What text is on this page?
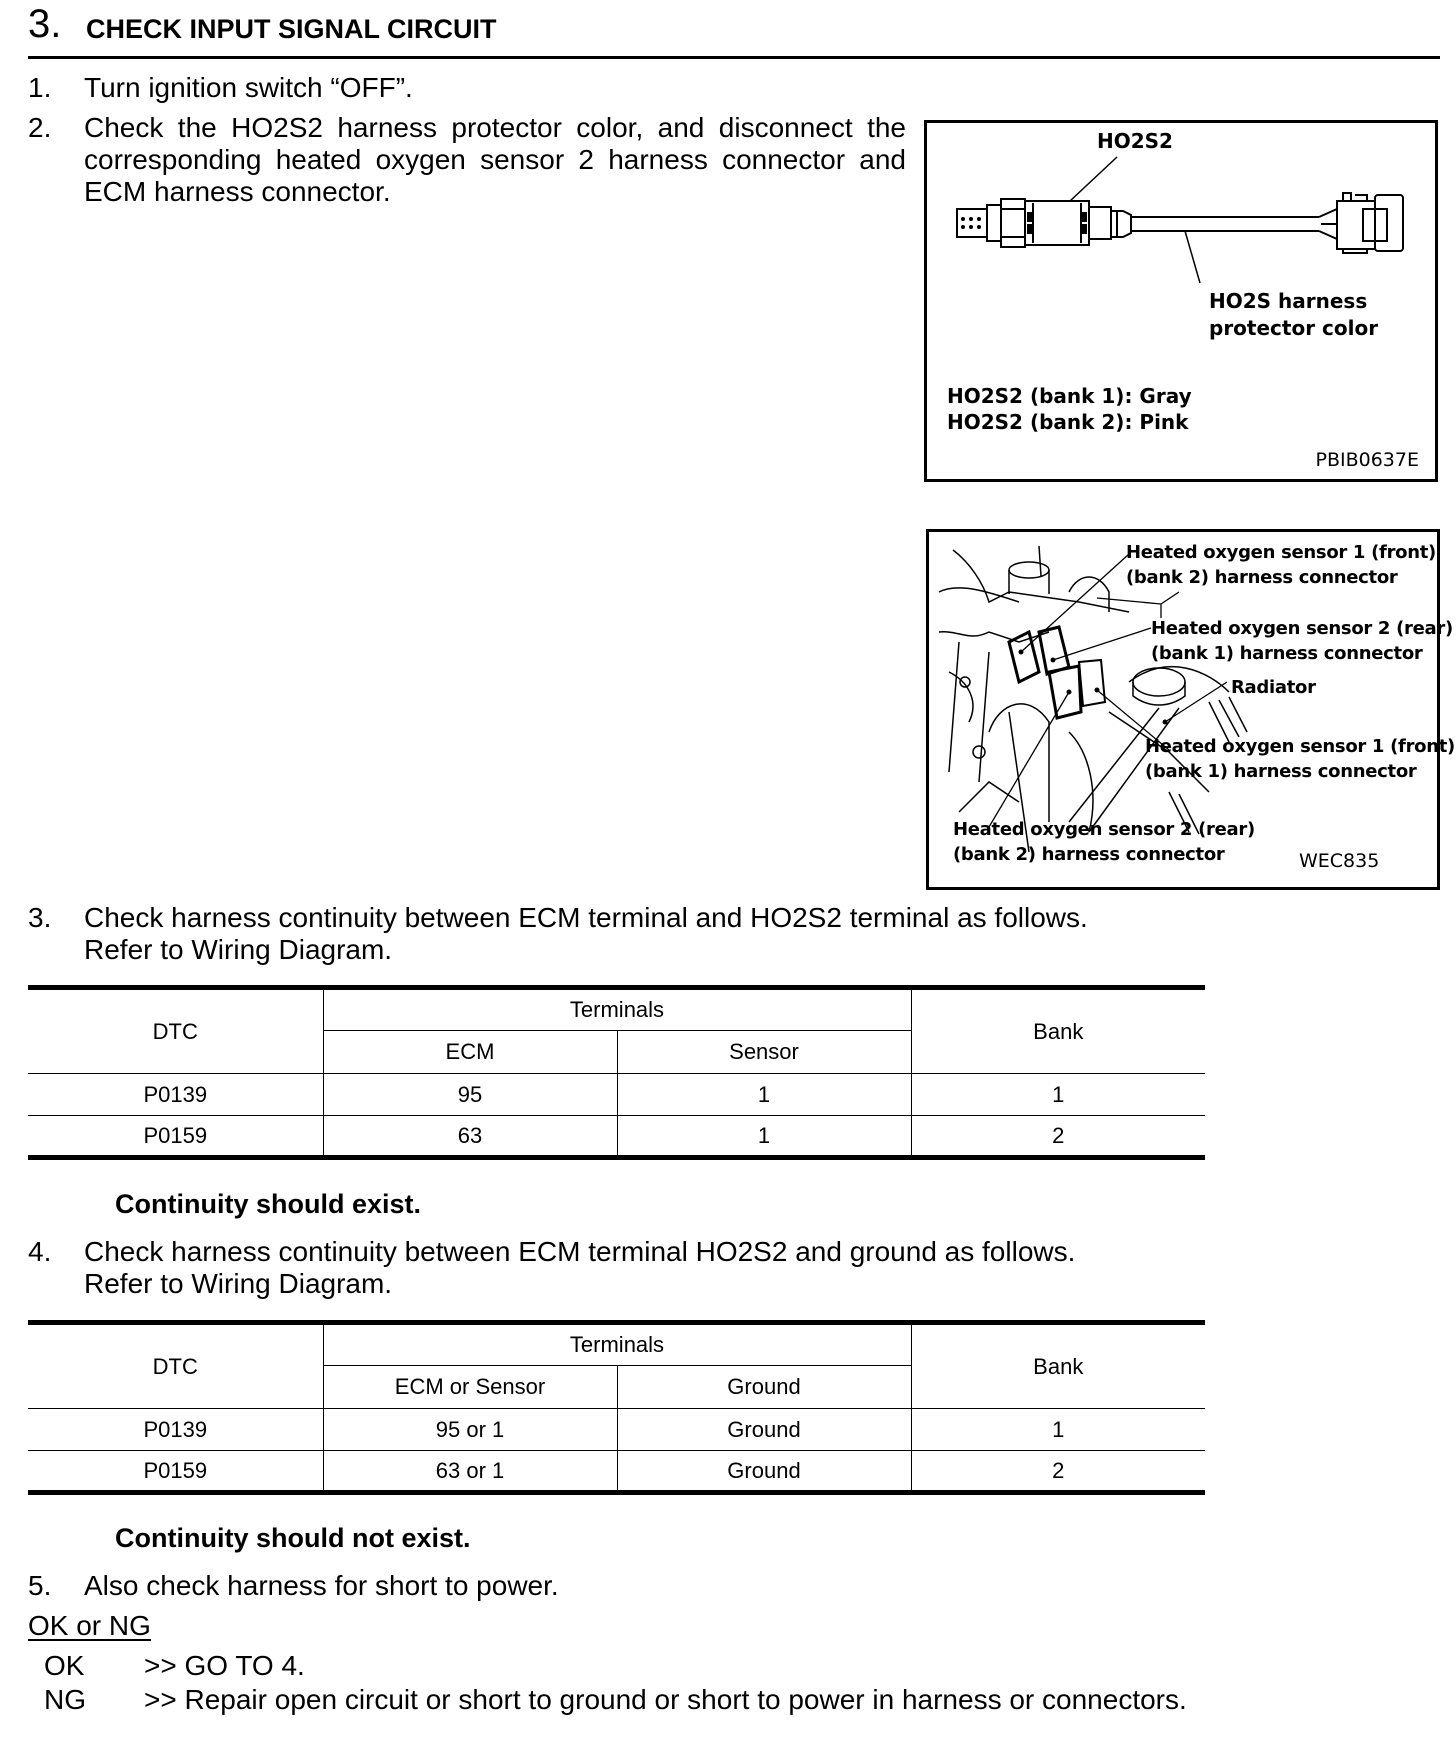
3. CHECK INPUT SIGNAL CIRCUIT
1. Turn ignition switch “OFF”.
2. Check the HO2S2 harness protector color, and disconnect the
corresponding heated oxygen sensor 2 harness connector and
ECM harness connector.
HO2S2
HO2S harness
protector color
HO2S2 (bank 1): Gray
HO2S2 (bank 2): Pink
PBIB0637E
Heated oxygen sensor 1 (front)
(bank 2) harness connector
Heated oxygen sensor 2 (rear)
(bank 1) harness connector
Radiator
Heated oxygen sensor 1 (front)
(bank 1) harness connector
Heated oxygen sensor 2 (rear)
(bank 2) harness connector	WEC835
3. Check harness continuity between ECM terminal and HO2S2 terminal as follows.
Refer to Wiring Diagram.
DTC	Terminals		Bank
	ECM	Sensor	
P0139	95	1	1
P0159	63	1	2
Continuity should exist.
4. Check harness continuity between ECM terminal HO2S2 and ground as follows.
Refer to Wiring Diagram.
DTC	Terminals		Bank
	ECM or Sensor	Ground	
P0139	95 or 1	Ground	1
P0159	63 or 1	Ground	2
Continuity should not exist.
5. Also check harness for short to power.
OK or NG
OK >> GO TO 4.
NG >> Repair open circuit or short to ground or short to power in harness or connectors.
